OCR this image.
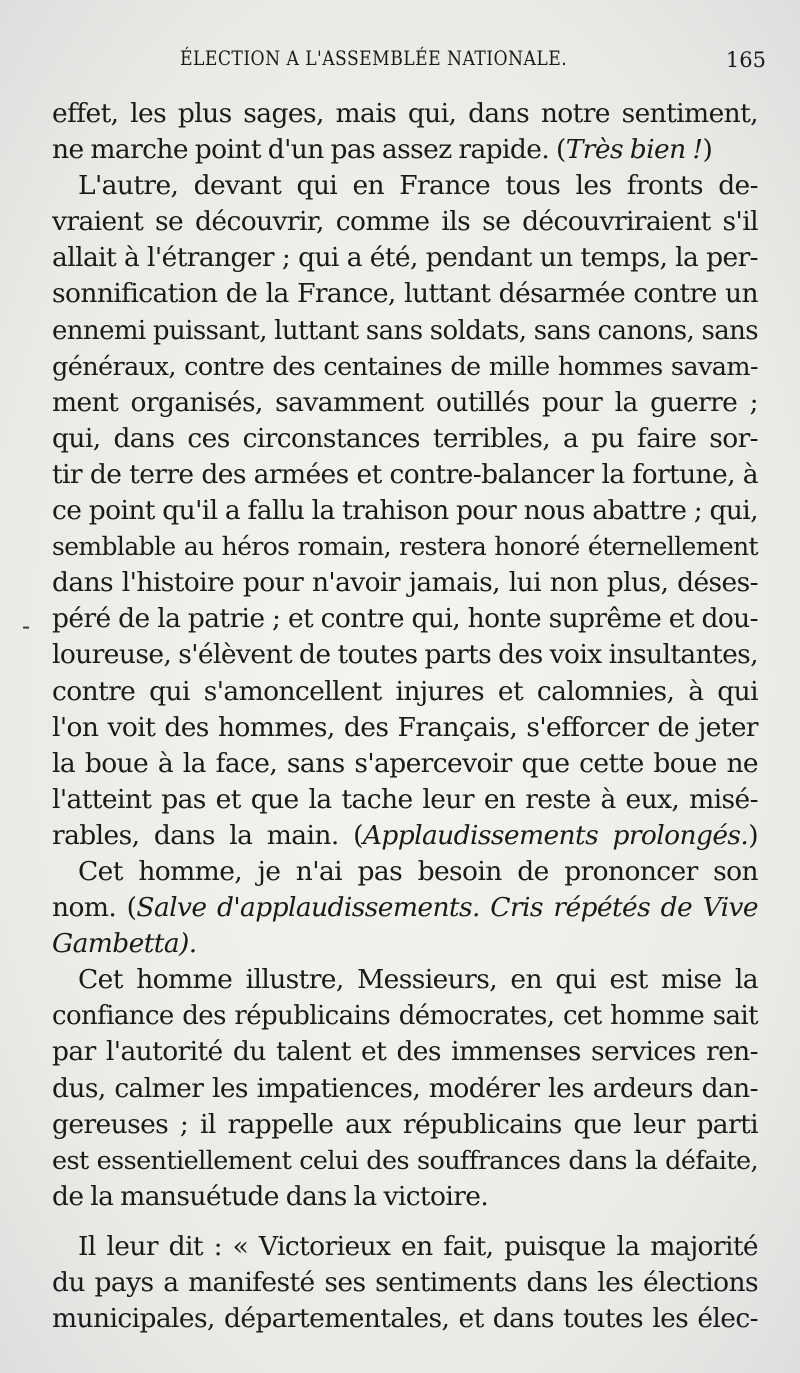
ÉLECTION A L'ASSEMBLÉE NATIONALE.	165
-
effet, les plus sages, mais qui, dans notre sentiment,
ne marche point d'un pas assez rapide. (Très bien !)
L'autre, devant qui en France tous les fronts de-
vraient se découvrir, comme ils se découvriraient s'il
allait à l'étranger ; qui a été, pendant un temps, la per-
sonnification de la France, luttant désarmée contre un
ennemi puissant, luttant sans soldats, sans canons, sans
généraux, contre des centaines de mille hommes savam-
ment organisés, savamment outillés pour la guerre ;
qui, dans ces circonstances terribles, a pu faire sor-
tir de terre des armées et contre-balancer la fortune, à
ce point qu'il a fallu la trahison pour nous abattre ; qui,
semblable au héros romain, restera honoré éternellement
dans l'histoire pour n'avoir jamais, lui non plus, déses-
péré de la patrie ; et contre qui, honte suprême et dou-
loureuse, s'élèvent de toutes parts des voix insultantes,
contre qui s'amoncellent injures et calomnies, à qui
l'on voit des hommes, des Français, s'efforcer de jeter
la boue à la face, sans s'apercevoir que cette boue ne
l'atteint pas et que la tache leur en reste à eux, misé-
rables, dans la main. (Applaudissements prolongés.)
Cet homme, je n'ai pas besoin de prononcer son
nom. (Salve d'applaudissements. Cris répétés de Vive
Gambetta).
Cet homme illustre, Messieurs, en qui est mise la
confiance des républicains démocrates, cet homme sait
par l'autorité du talent et des immenses services ren-
dus, calmer les impatiences, modérer les ardeurs dan-
gereuses ; il rappelle aux républicains que leur parti
est essentiellement celui des souffrances dans la défaite,
de la mansuétude dans la victoire.
Il leur dit : « Victorieux en fait, puisque la majorité
du pays a manifesté ses sentiments dans les élections
municipales, départementales, et dans toutes les élec-
